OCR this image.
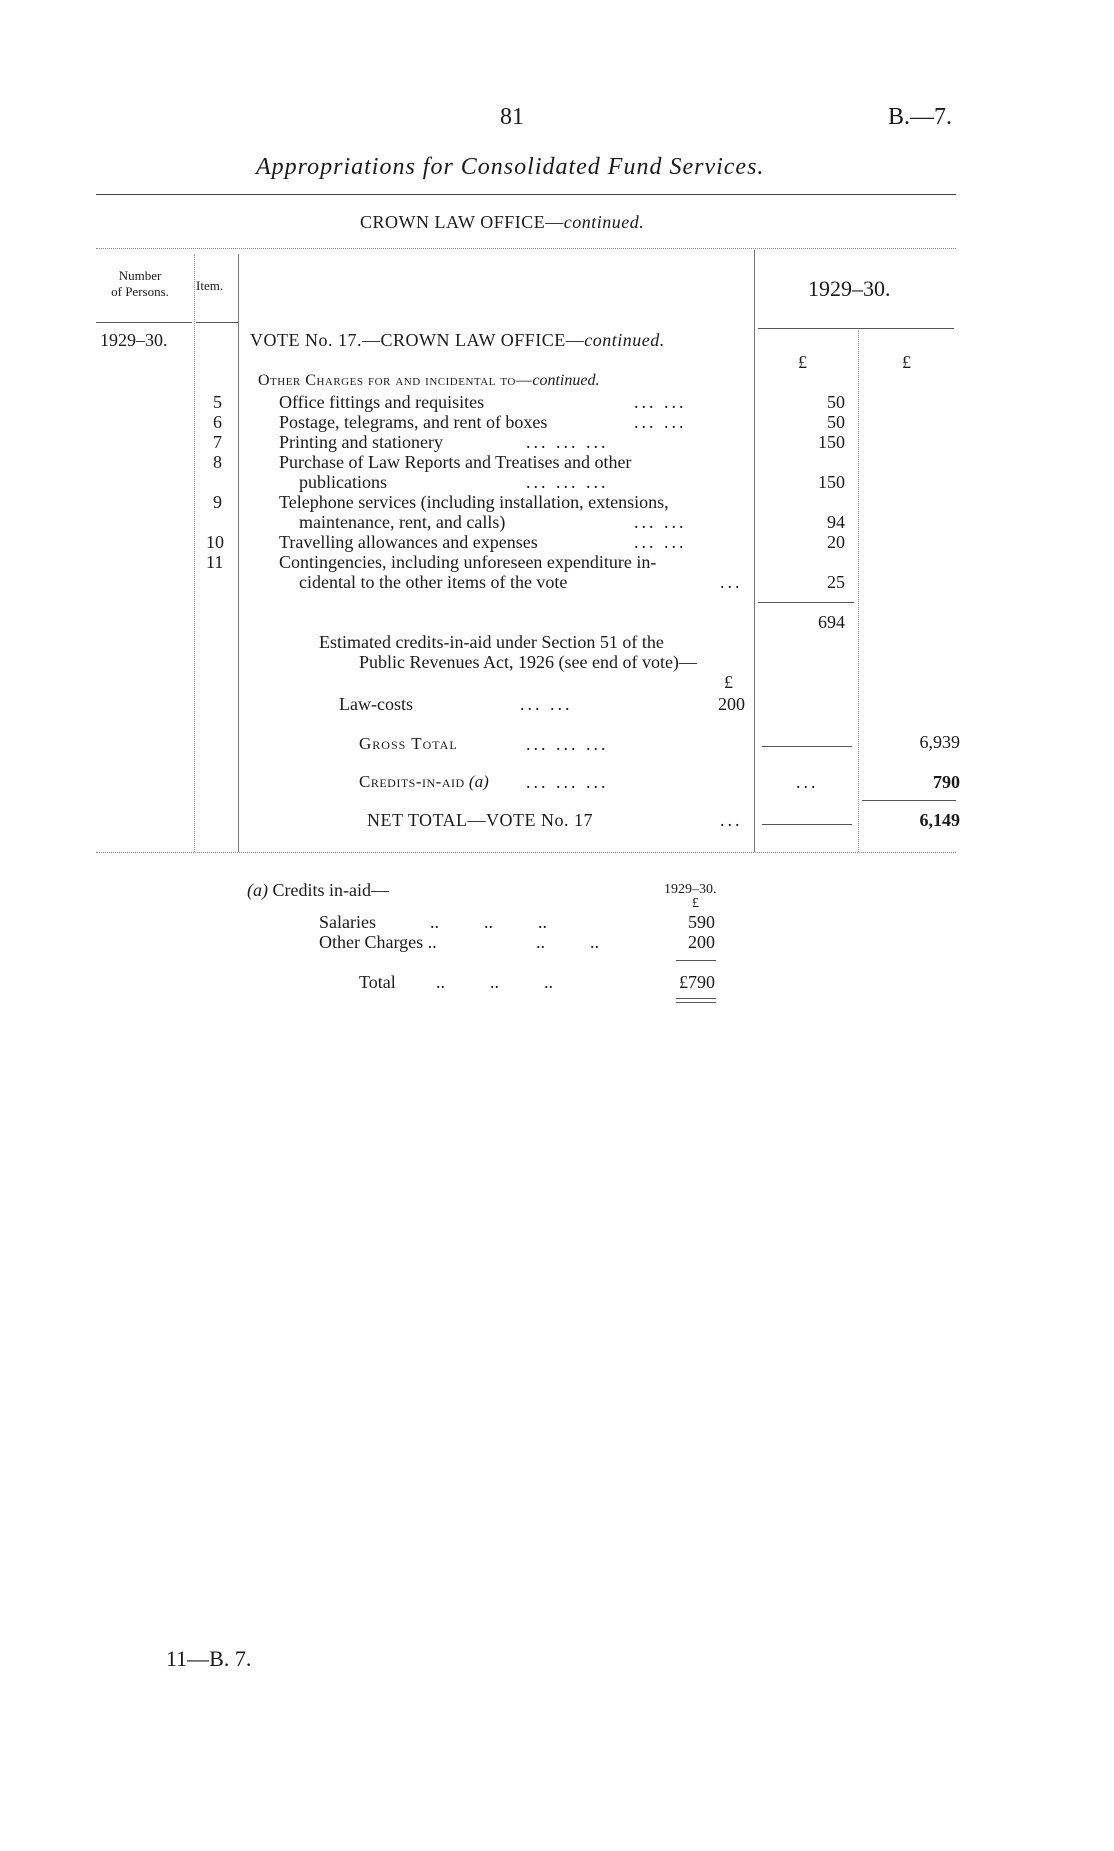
81	B.—7.
Appropriations for Consolidated Fund Services.
CROWN LAW OFFICE—continued.
Number
of Persons.	Item.	1929–30.
1929–30.	VOTE No. 17.—CROWN LAW OFFICE—continued.
£	£
Other Charges for and incidental to—continued.
5	Office fittings and requisites	... ...	50
6	Postage, telegrams, and rent of boxes	... ...	50
7	Printing and stationery	... ... ...	150
8	Purchase of Law Reports and Treatises and other
publications	... ... ...	150
9	Telephone services (including installation, extensions,
maintenance, rent, and calls)	... ...	94
10	Travelling allowances and expenses	... ...	20
11	Contingencies, including unforeseen expenditure in-
cidental to the other items of the vote	...	25
694
Estimated credits-in-aid under Section 51 of the
Public Revenues Act, 1926 (see end of vote)—
£
Law-costs	... ...	200
Gross Total	... ... ...	6,939
Credits-in-aid (a) ... ... ...	...	790
NET TOTAL—VOTE No. 17	...	6,149
(a) Credits in-aid—	1929–30.
£
Salaries	..          ..          ..	590
Other Charges ..	..          ..	200
Total ..          ..          ..	£790
11—B. 7.
